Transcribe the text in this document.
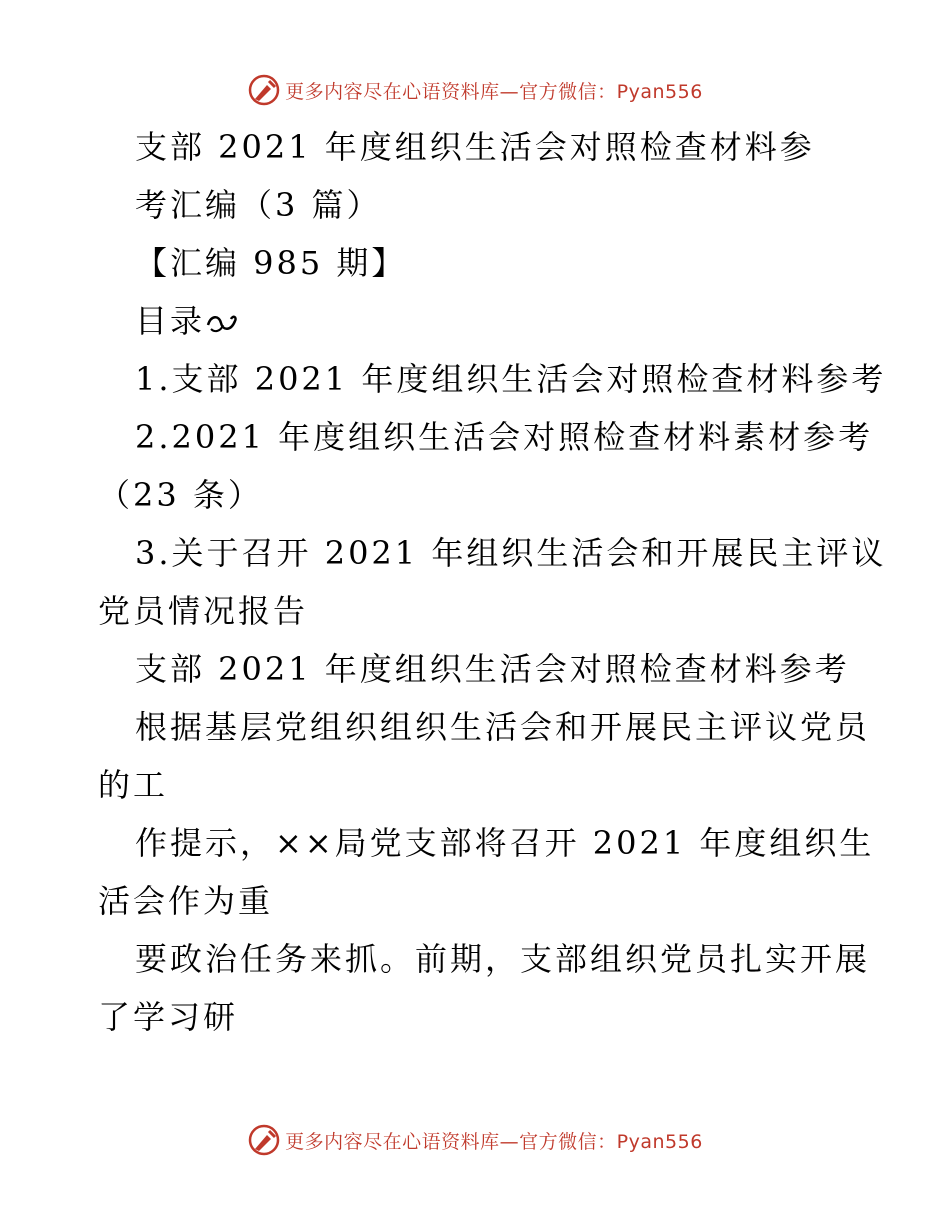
更多内容尽在心语资料库—官方微信：Pyan556
支部 2021 年度组织生活会对照检查材料参
考汇编（3 篇）
【汇编 985 期】
目录
1.支部 2021 年度组织生活会对照检查材料参考
2.2021 年度组织生活会对照检查材料素材参考
（23 条）
3.关于召开 2021 年组织生活会和开展民主评议
党员情况报告
支部 2021 年度组织生活会对照检查材料参考
根据基层党组织组织生活会和开展民主评议党员
的工
作提示，××局党支部将召开 2021 年度组织生
活会作为重
要政治任务来抓。前期，支部组织党员扎实开展
了学习研
更多内容尽在心语资料库—官方微信：Pyan556
